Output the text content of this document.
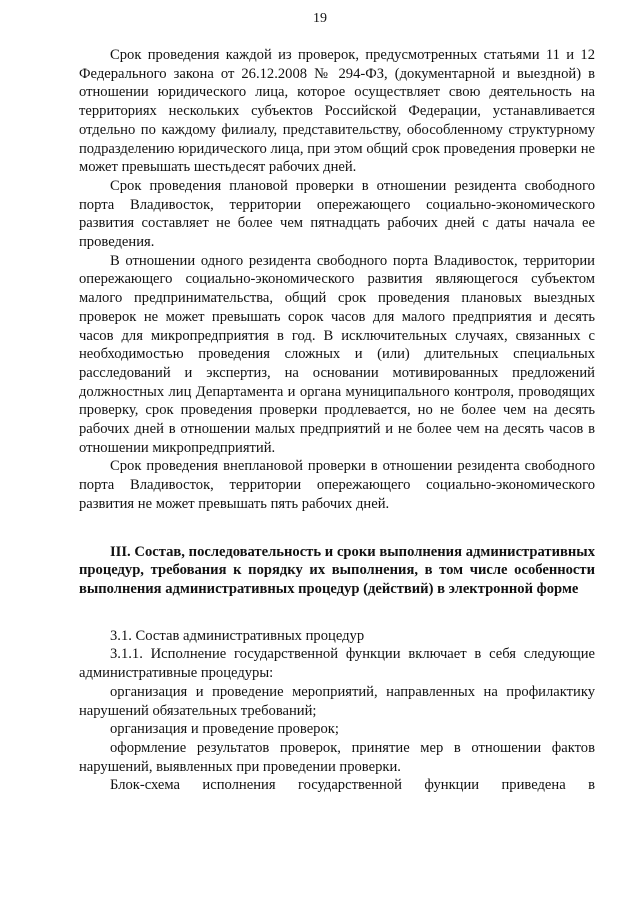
19

Срок проведения каждой из проверок, предусмотренных статьями 11 и 12 Федерального закона от 26.12.2008 № 294-ФЗ, (документарной и выездной) в отношении юридического лица, которое осуществляет свою деятельность на территориях нескольких субъектов Российской Федерации, устанавливается отдельно по каждому филиалу, представительству, обособленному структурному подразделению юридического лица, при этом общий срок проведения проверки не может превышать шестьдесят рабочих дней.

Срок проведения плановой проверки в отношении резидента свободного порта Владивосток, территории опережающего социально-экономического развития составляет не более чем пятнадцать рабочих дней с даты начала ее проведения.

В отношении одного резидента свободного порта Владивосток, территории опережающего социально-экономического развития являющегося субъектом малого предпринимательства, общий срок проведения плановых выездных проверок не может превышать сорок часов для малого предприятия и десять часов для микропредприятия в год. В исключительных случаях, связанных с необходимостью проведения сложных и (или) длительных специальных расследований и экспертиз, на основании мотивированных предложений должностных лиц Департамента и органа муниципального контроля, проводящих проверку, срок проведения проверки продлевается, но не более чем на десять рабочих дней в отношении малых предприятий и не более чем на десять часов в отношении микропредприятий.

Срок проведения внеплановой проверки в отношении резидента свободного порта Владивосток, территории опережающего социально-экономического развития не может превышать пять рабочих дней.

III. Состав, последовательность и сроки выполнения административных процедур, требования к порядку их выполнения, в том числе особенности выполнения административных процедур (действий) в электронной форме

3.1. Состав административных процедур

3.1.1. Исполнение государственной функции включает в себя следующие административные процедуры:

организация и проведение мероприятий, направленных на профилактику нарушений обязательных требований;

организация и проведение проверок;

оформление результатов проверок, принятие мер в отношении фактов нарушений, выявленных при проведении проверки.

Блок-схема исполнения государственной функции приведена в
